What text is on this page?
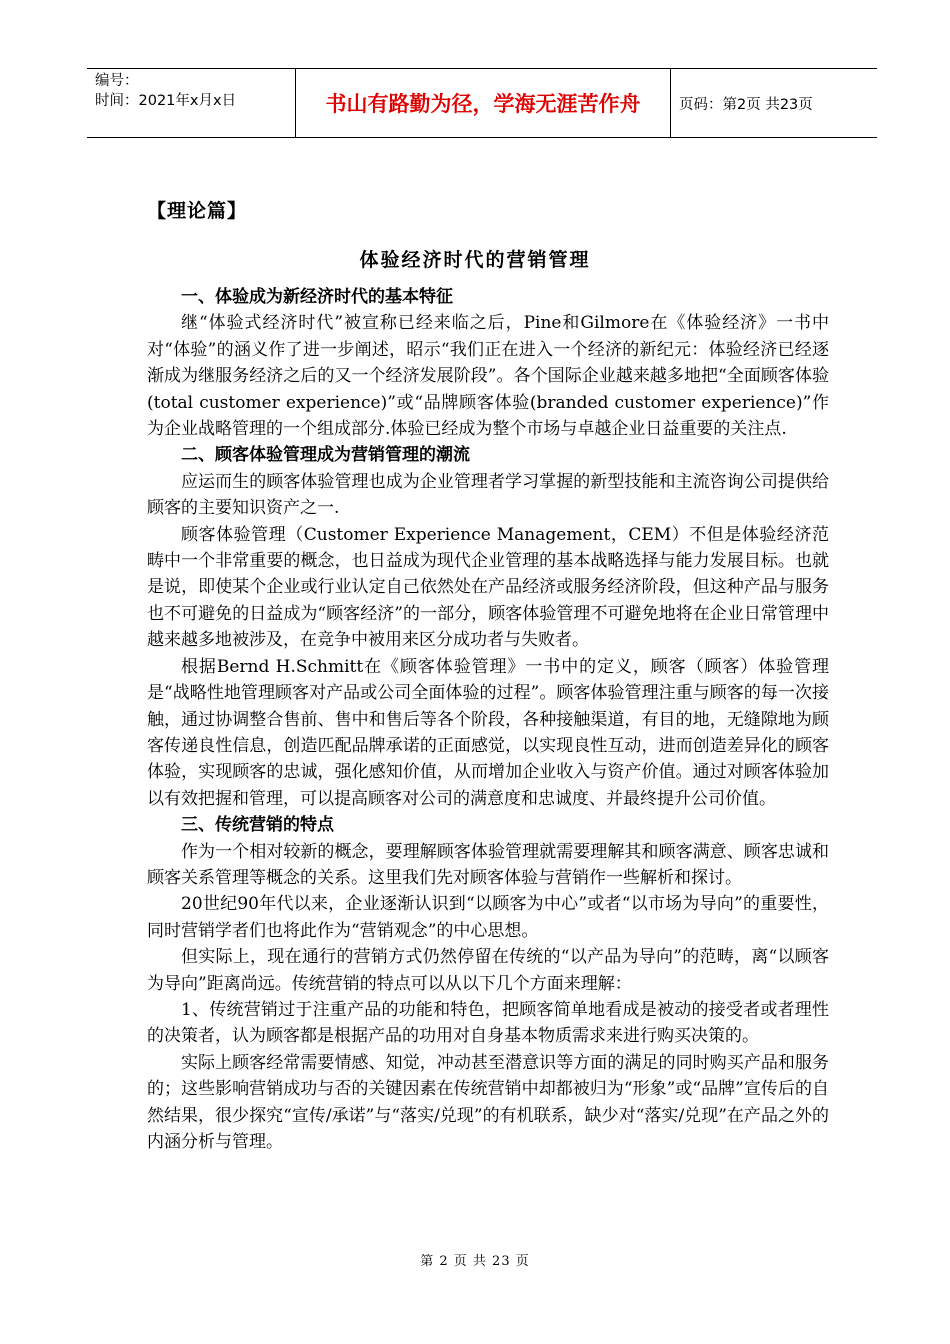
编号：
时间：2021年x月x日	书山有路勤为径，学海无涯苦作舟	页码：第2页 共23页
【理论篇】
体验经济时代的营销管理
一、体验成为新经济时代的基本特征

继“体验式经济时代”被宣称已经来临之后，Pine和Gilmore在《体验经济》一书中对“体验”的涵义作了进一步阐述，昭示“我们正在进入一个经济的新纪元：体验经济已经逐渐成为继服务经济之后的又一个经济发展阶段”。各个国际企业越来越多地把“全面顾客体验(total customer experience)”或“品牌顾客体验(branded customer experience)”作为企业战略管理的一个组成部分.体验已经成为整个市场与卓越企业日益重要的关注点.

二、顾客体验管理成为营销管理的潮流

应运而生的顾客体验管理也成为企业管理者学习掌握的新型技能和主流咨询公司提供给顾客的主要知识资产之一.

顾客体验管理（Customer Experience Management，CEM）不但是体验经济范畴中一个非常重要的概念，也日益成为现代企业管理的基本战略选择与能力发展目标。也就是说，即使某个企业或行业认定自己依然处在产品经济或服务经济阶段，但这种产品与服务也不可避免的日益成为“顾客经济”的一部分，顾客体验管理不可避免地将在企业日常管理中越来越多地被涉及，在竞争中被用来区分成功者与失败者。

根据Bernd H.Schmitt在《顾客体验管理》一书中的定义，顾客（顾客）体验管理是“战略性地管理顾客对产品或公司全面体验的过程”。顾客体验管理注重与顾客的每一次接触，通过协调整合售前、售中和售后等各个阶段，各种接触渠道，有目的地，无缝隙地为顾客传递良性信息，创造匹配品牌承诺的正面感觉，以实现良性互动，进而创造差异化的顾客体验，实现顾客的忠诚，强化感知价值，从而增加企业收入与资产价值。通过对顾客体验加以有效把握和管理，可以提高顾客对公司的满意度和忠诚度、并最终提升公司价值。

三、传统营销的特点

作为一个相对较新的概念，要理解顾客体验管理就需要理解其和顾客满意、顾客忠诚和顾客关系管理等概念的关系。这里我们先对顾客体验与营销作一些解析和探讨。

20世纪90年代以来，企业逐渐认识到“以顾客为中心”或者“以市场为导向”的重要性，同时营销学者们也将此作为“营销观念”的中心思想。

但实际上，现在通行的营销方式仍然停留在传统的“以产品为导向”的范畴，离“以顾客为导向”距离尚远。传统营销的特点可以从以下几个方面来理解：

1、传统营销过于注重产品的功能和特色，把顾客简单地看成是被动的接受者或者理性的决策者，认为顾客都是根据产品的功用对自身基本物质需求来进行购买决策的。

实际上顾客经常需要情感、知觉，冲动甚至潜意识等方面的满足的同时购买产品和服务的；这些影响营销成功与否的关键因素在传统营销中却都被归为“形象”或“品牌”宣传后的自然结果，很少探究“宣传/承诺”与“落实/兑现”的有机联系，缺少对“落实/兑现”在产品之外的内涵分析与管理。

第 2 页 共 23 页
